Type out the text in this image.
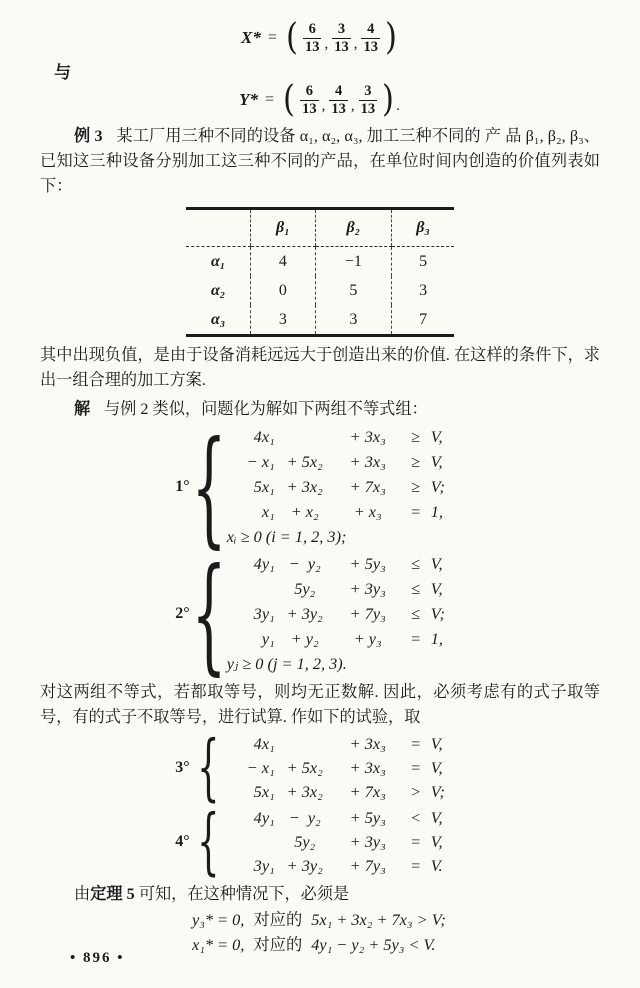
X* = ( $\frac{6}{13}$ , $\frac{3}{13}$ , $\frac{4}{13}$ )
与
Y* = ( $\frac{6}{13}$ , $\frac{4}{13}$ , $\frac{3}{13}$ ) .

例 3 某工厂用三种不同的设备 α₁, α₂, α₃, 加工三种不同的 产 品 β₁, β₂, β₃、 已知这三种设备分别加工这三种不同的产品，在单位时间内创造的价值列表如下：

	β₁	β₂	β₃
α₁	4	−1	5
α₂	0	5	3
α₃	3	3	7

其中出现负值，是由于设备消耗远远大于创造出来的价值. 在这样的条件下，求出一组合理的加工方案.

解 与例 2 类似，问题化为解如下两组不等式组：

1° {	4x₁	+ 3x₃	≥ V,
− x₁ + 5x₂	+ 3x₃	≥ V,
5x₁ + 3x₂	+ 7x₃	≥ V;
x₁ + x₂	+ x₃	= 1,
xᵢ ≥ 0 (i = 1, 2, 3);
2° {	4y₁ −  y₂	+ 5y₃	≤ V,
5y₂	+ 3y₃	≤ V,
3y₁ + 3y₂	+ 7y₃	≤ V;
y₁ + y₂	+ y₃	= 1,
yⱼ ≥ 0 (j = 1, 2, 3).

对这两组不等式，若都取等号，则均无正数解. 因此，必须考虑有的式子取等号，有的式子不取等号，进行试算. 作如下的试验，取

3° {	4x₁	+ 3x₃	= V,
− x₁ + 5x₂	+ 3x₃	= V,
5x₁ + 3x₂	+ 7x₃	> V;
4° {	4y₁ −  y₂	+ 5y₃	< V,
5y₂	+ 3y₃	= V,
3y₁ + 3y₂	+ 7y₃	= V.

由定理 5 可知，在这种情况下，必须是

y₃* = 0, 对应的 5x₁ + 3x₂ + 7x₃ > V;
x₁* = 0, 对应的 4y₁ − y₂ + 5y₃ < V.
• 896 •
